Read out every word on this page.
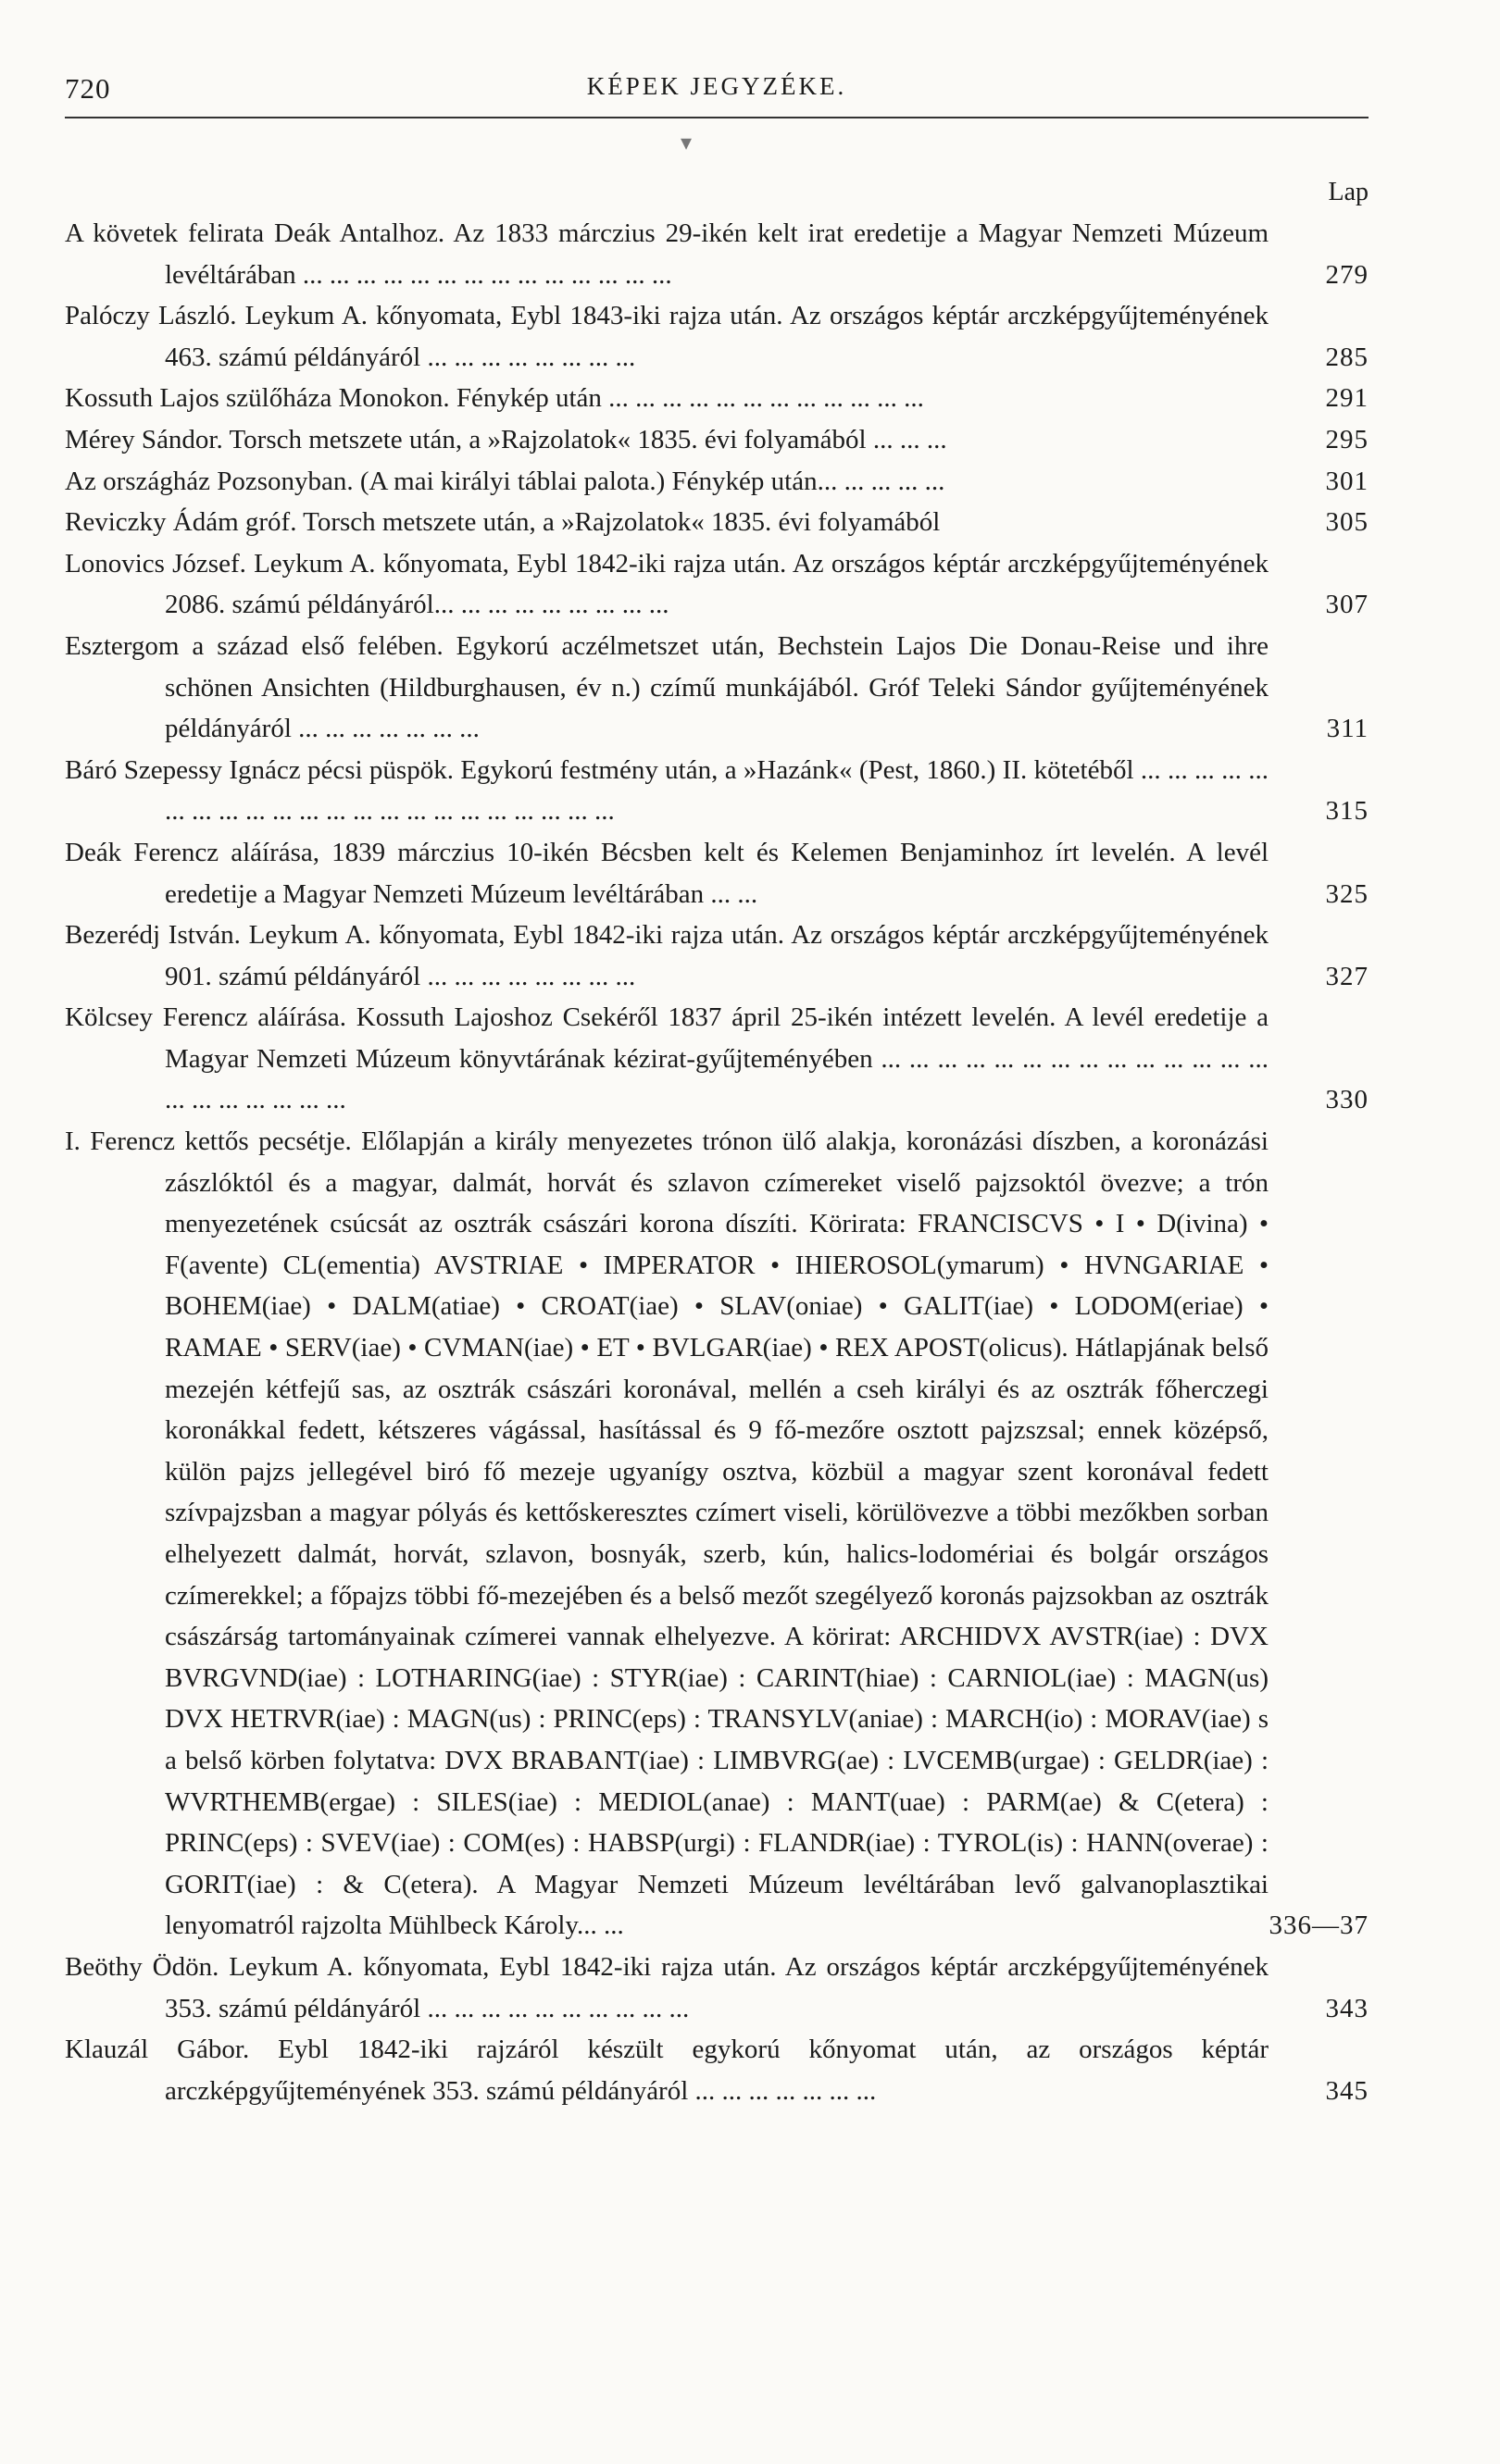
720	KÉPEK JEGYZÉKE.
▾
Lap
A követek felirata Deák Antalhoz. Az 1833 márczius 29-ikén kelt irat eredetije a Magyar Nemzeti Múzeum levéltárában ... ... ... ... ... ... ... ... ... ... ... ... ... ...	279
Palóczy László. Leykum A. kőnyomata, Eybl 1843-iki rajza után. Az országos képtár arczképgyűjteményének 463. számú példányáról ... ... ... ... ... ... ... ...	285
Kossuth Lajos szülőháza Monokon. Fénykép után ... ... ... ... ... ... ... ... ... ... ... ...	291
Mérey Sándor. Torsch metszete után, a »Rajzolatok« 1835. évi folyamából ... ... ...	295
Az országház Pozsonyban. (A mai királyi táblai palota.) Fénykép után... ... ... ... ...	301
Reviczky Ádám gróf. Torsch metszete után, a »Rajzolatok« 1835. évi folyamából	305
Lonovics József. Leykum A. kőnyomata, Eybl 1842-iki rajza után. Az országos képtár arczképgyűjteményének 2086. számú példányáról... ... ... ... ... ... ... ... ...	307
Esztergom a század első felében. Egykorú aczélmetszet után, Bechstein Lajos Die Donau-Reise und ihre schönen Ansichten (Hildburghausen, év n.) czímű munkájából. Gróf Teleki Sándor gyűjteményének példányáról ... ... ... ... ... ... ...	311
Báró Szepessy Ignácz pécsi püspök. Egykorú festmény után, a »Hazánk« (Pest, 1860.) II. kötetéből ... ... ... ... ... ... ... ... ... ... ... ... ... ... ... ... ... ... ... ... ... ...	315
Deák Ferencz aláírása, 1839 márczius 10-ikén Bécsben kelt és Kelemen Benjaminhoz írt levelén. A levél eredetije a Magyar Nemzeti Múzeum levéltárában ... ...	325
Bezerédj István. Leykum A. kőnyomata, Eybl 1842-iki rajza után. Az országos képtár arczképgyűjteményének 901. számú példányáról ... ... ... ... ... ... ... ...	327
Kölcsey Ferencz aláírása. Kossuth Lajoshoz Csekéről 1837 ápril 25-ikén intézett levelén. A levél eredetije a Magyar Nemzeti Múzeum könyvtárának kézirat-gyűjteményében ... ... ... ... ... ... ... ... ... ... ... ... ... ... ... ... ... ... ... ... ...	330
I. Ferencz kettős pecsétje. Előlapján a király menyezetes trónon ülő alakja, koronázási díszben, a koronázási zászlóktól és a magyar, dalmát, horvát és szlavon czímereket viselő pajzsoktól övezve; a trón menyezetének csúcsát az osztrák császári korona díszíti. Körirata: FRANCISCVS • I • D(ivina) • F(avente) CL(ementia) AVSTRIAE • IMPERATOR • IHIEROSOL(ymarum) • HVNGARIAE • BOHEM(iae) • DALM(atiae) • CROAT(iae) • SLAV(oniae) • GALIT(iae) • LODOM(eriae) • RAMAE • SERV(iae) • CVMAN(iae) • ET • BVLGAR(iae) • REX APOST(olicus). Hátlapjának belső mezején kétfejű sas, az osztrák császári koronával, mellén a cseh királyi és az osztrák főherczegi koronákkal fedett, kétszeres vágással, hasítással és 9 fő-mezőre osztott pajzszsal; ennek középső, külön pajzs jellegével biró fő mezeje ugyanígy osztva, közbül a magyar szent koronával fedett szívpajzsban a magyar pólyás és kettőskeresztes czímert viseli, körülövezve a többi mezőkben sorban elhelyezett dalmát, horvát, szlavon, bosnyák, szerb, kún, halics-lodomériai és bolgár országos czímerekkel; a főpajzs többi fő-mezejében és a belső mezőt szegélyező koronás pajzsokban az osztrák császárság tartományainak czímerei vannak elhelyezve. A körirat: ARCHIDVX AVSTR(iae) : DVX BVRGVND(iae) : LOTHARING(iae) : STYR(iae) : CARINT(hiae) : CARNIOL(iae) : MAGN(us) DVX HETRVR(iae) : MAGN(us) : PRINC(eps) : TRANSYLV(aniae) : MARCH(io) : MORAV(iae) s a belső körben folytatva: DVX BRABANT(iae) : LIMBVRG(ae) : LVCEMB(urgae) : GELDR(iae) : WVRTHEMB(ergae) : SILES(iae) : MEDIOL(anae) : MANT(uae) : PARM(ae) & C(etera) : PRINC(eps) : SVEV(iae) : COM(es) : HABSP(urgi) : FLANDR(iae) : TYROL(is) : HANN(overae) : GORIT(iae) : & C(etera). A Magyar Nemzeti Múzeum levéltárában levő galvanoplasztikai lenyomatról rajzolta Mühlbeck Károly... ...	336—37
Beöthy Ödön. Leykum A. kőnyomata, Eybl 1842-iki rajza után. Az országos képtár arczképgyűjteményének 353. számú példányáról ... ... ... ... ... ... ... ... ... ...	343
Klauzál Gábor. Eybl 1842-iki rajzáról készült egykorú kőnyomat után, az országos képtár arczképgyűjteményének 353. számú példányáról ... ... ... ... ... ... ...	345
